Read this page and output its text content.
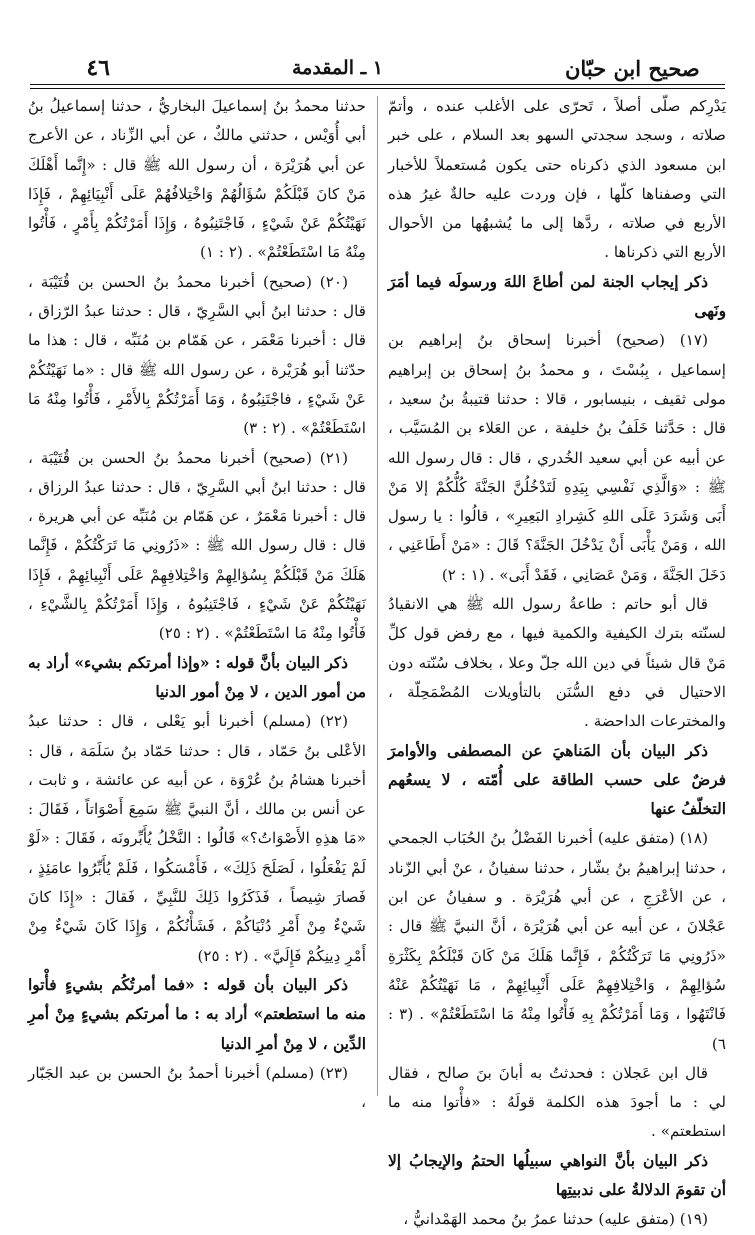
٤٦	١ ـ المقدمة	صحيح ابن حبّان

يَدْرِكم صلّى أصلاً ، تَحرّى على الأغلب عنده ، وأتمّ صلاته ، وسجد سجدتي السهو بعد السلام ، على خبر ابن مسعود الذي ذكرناه حتى يكون مُستعملاً للأخبار التي وصفناها كلّها ، فإن وردت عليه حالةٌ غيرُ هذه الأربع في صلاته ، ردَّها إلى ما يُشبهُها من الأحوال الأربع التي ذكرناها .

ذكر إيجاب الجنة لمن أطاعَ اللهَ ورسولَه فيما أمَرَ ونَهى

(١٧) (صحيح) أخبرنا إسحاق بنُ إبراهيم بن إسماعيل ، بِبُسْتَ ، و محمدُ بنُ إسحاق بن إبراهيم مولى ثقيف ، بنيسابور ، قالا : حدثنا قتيبةُ بنُ سعيد ، قال : حَدَّثنا خَلَفُ بنُ خليفة ، عن العَلاء بن المُسَيَّب ، عن أبيه عن أبي سعيد الخُدري ، قال : قال رسول الله ﷺ : «وَالَّذِي نَفْسِي بِيَدِهِ لَتَدْخُلُنَّ الجَنَّةَ كُلُّكُمْ إلا مَنْ أَبَى وَشَرَدَ عَلَى اللهِ كَشِرادِ البَعِيرِ» ، قالُوا : يا رسول الله ، وَمَنْ يَأْبَى أَنْ يَدْخُلَ الجَنَّةَ؟ قَالَ : «مَنْ أَطَاعَنِي ، دَخَلَ الجَنَّةَ ، وَمَنْ عَصَانِي ، فَقَدْ أَبَى» . (١ : ٢)

قال أبو حاتم : طاعةُ رسول الله ﷺ هي الانقيادُ لسنّته بترك الكيفية والكمية فيها ، مع رفض قول كلِّ مَنْ قال شيئاً في دين الله جلّ وعلا ، بخلاف سُنّته دون الاحتيال في دفع السُّنَن بالتأويلات المُضْمَحِلّة ، والمخترعات الداحضة .

ذكر البيان بأن المَناهيَ عن المصطفى والأوامرَ فرضٌ على حسب الطاقة على أُمّته ، لا يسعُهم التخلّفُ عنها

(١٨) (متفق عليه) أخبرنا الفَضْلُ بنُ الحُبَاب الجمحي ، حدثنا إبراهيمُ بنُ بشّار ، حدثنا سفيانُ ، عنْ أبي الزّناد ، عن الأعْرَجِ ، عن أبي هُرَيْرَة . و سفيانُ عن ابن عَجْلانَ ، عن أبيه عن أبي هُرَيْرَة ، أنَّ النبيَّ ﷺ قال : «ذَرُونِي مَا تَرَكْتُكُمْ ، فَإِنَّما هَلَكَ مَنْ كَانَ قَبْلَكُمْ بِكَثْرَةِ سُؤالِهِمْ ، وَاخْتِلافِهِمْ عَلَى أَنْبِيائِهِمْ ، مَا نَهَيْتُكُمْ عَنْهُ فَانْتَهُوا ، وَمَا أَمَرْتُكُمْ بِهِ فَأْتُوا مِنْهُ مَا اسْتَطَعْتُمْ» . (٣ : ٦)

قال ابن عَجلان : فحدثتُ به أبانَ بنَ صالح ، فقال لي : ما أجودَ هذه الكلمة قولَهُ : «فأْتوا منه ما استطعتم» .

ذكر البيان بأنَّ النواهي سبيلُها الحتمُ والإيجابُ إلا أن تقومَ الدلالةُ على ندبيتِها

(١٩) (متفق عليه) حدثنا عمرُ بنُ محمد الهَمْدانيُّ ،

حدثنا محمدُ بنُ إسماعيلَ البخاريُّ ، حدثنا إسماعيلُ بنُ أبي أُوَيْس ، حدثني مالكٌ ، عن أبي الزِّناد ، عن الأعرج عن أبي هُرَيْرَة ، أن رسول الله ﷺ قال : «إِنَّما أَهْلَكَ مَنْ كانَ قَبْلَكُمْ سُؤَالُهُمْ وَاخْتِلافُهُمْ عَلَى أَنْبِيَائِهِمْ ، فَإِذَا نَهَيْتُكُمْ عَنْ شَيْءٍ ، فَاجْتَنِبُوهُ ، وَإِذَا أَمَرْتُكُمْ بِأَمْرٍ ، فَأْتُوا مِنْهُ مَا اسْتَطَعْتُمْ» . (٢ : ١)

(٢٠) (صحيح) أخبرنا محمدُ بنُ الحسن بن قُتَيْبَة ، قال : حدثنا ابنُ أبي السَّرِيّ ، قال : حدثنا عبدُ الرّزاق ، قال : أخبرنا مَعْمَر ، عن هَمّام بن مُنَبِّه ، قال : هذا ما حدّثنا أبو هُرَيْرة ، عن رسول الله ﷺ قال : «ما نَهَيْتُكُمْ عَنْ شَيْءٍ ، فاجْتَنِبُوهُ ، وَمَا أَمَرْتُكُمْ بِالأَمْرِ ، فَأْتُوا مِنْهُ مَا اسْتَطَعْتُمْ» . (٢ : ٣)

(٢١) (صحيح) أخبرنا محمدُ بنُ الحسن بن قُتَيْبَة ، قال : حدثنا ابنُ أبي السَّرِيّ ، قال : حدثنا عبدُ الرزاق ، قال : أخبرنا مَعْمَرٌ ، عن هَمّام بن مُنَبِّه عن أبي هريرة ، قال : قال رسول الله ﷺ : «ذَرُونِي مَا تَرَكْتُكُمْ ، فَإِنَّما هَلَكَ مَنْ قَبْلَكُمْ بِسُؤالِهِمْ وَاخْتِلافِهِمْ عَلَى أَنْبِيائِهِمْ ، فَإِذَا نَهَيْتُكُمْ عَنْ شَيْءٍ ، فَاجْتَنِبُوهُ ، وَإِذَا أَمَرْتُكُمْ بِالشَّيْءِ ، فَأْتُوا مِنْهُ مَا اسْتَطَعْتُمْ» . (٢ : ٢٥)

ذكر البيان بأنَّ قوله : «وإذا أمرتكم بشيء» أراد به من أمور الدين ، لا مِنْ أمور الدنيا

(٢٢) (مسلم) أخبرنا أبو يَعْلى ، قال : حدثنا عبدُ الأعْلى بنُ حَمّاد ، قال : حدثنا حَمّاد بنُ سَلَمَة ، قال : أخبرنا هشامُ بنُ عُرْوَة ، عن أبيه عن عائشة ، و ثابت ، عن أنس بن مالك ، أنَّ النبيَّ ﷺ سَمِعَ أَصْوَاتاً ، فَقَالَ : «مَا هذِهِ الأَصْوَاتُ؟» قَالُوا : النَّخْلُ يُأَبِّرونَه ، فَقَالَ : «لَوْ لَمْ يَفْعَلُوا ، لَصَلَحَ ذَلِكَ» ، فَأَمْسَكُوا ، فَلَمْ يُأَبِّرُوا عامَئِذٍ ، فَصارَ شِيصاً ، فَذَكَرُوا ذَلِكَ للنَّبِيِّ ، فَقالَ : «إِذَا كانَ شَيْءٌ مِنْ أَمْرِ دُنْيَاكُمْ ، فَشَأْنُكُمْ ، وَإِذَا كَانَ شَيْءٌ مِنْ أَمْرِ دِينِكُمْ فَإِلَيَّ» . (٢ : ٢٥)

ذكر البيان بأن قوله : «فما أمرتُكُم بشيءٍ فأْتوا منه ما استطعتم» أراد به : ما أمرتكم بشيءٍ مِنْ أمرِ الدِّين ، لا مِنْ أمرِ الدنيا

(٢٣) (مسلم) أخبرنا أحمدُ بنُ الحسن بن عبد الجَبّار ،
